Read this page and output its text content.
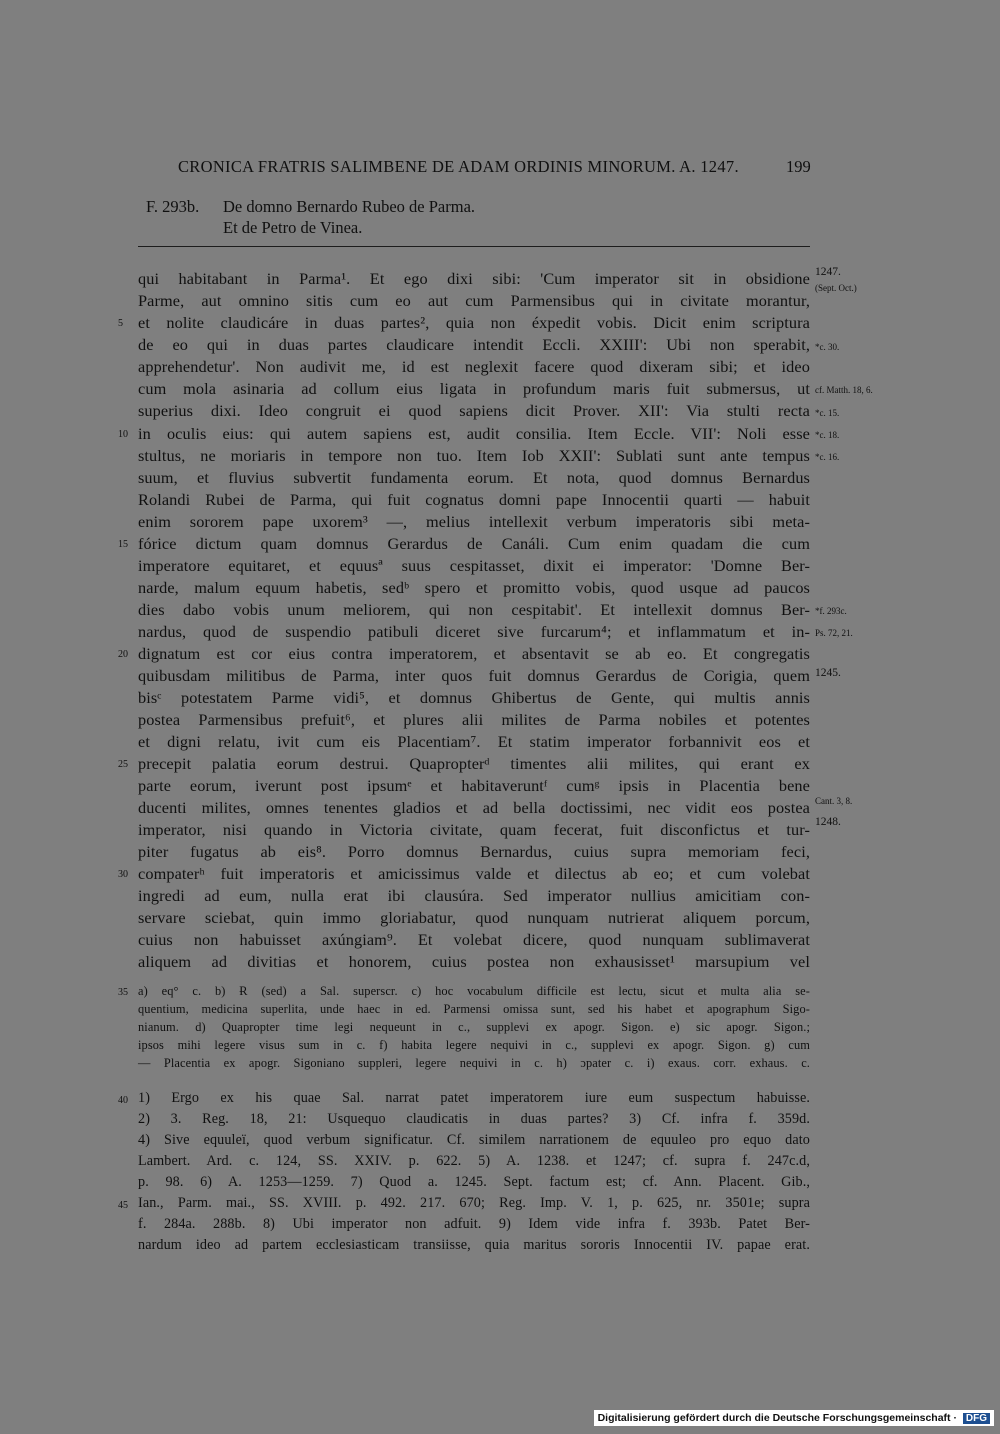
CRONICA FRATRIS SALIMBENE DE ADAM ORDINIS MINORUM. A. 1247.	199
F. 293b. De domno Bernardo Rubeo de Parma.
Et de Petro de Vinea.
qui habitabant in Parma¹. Et ego dixi sibi: 'Cum imperator sit in obsidione
Parme, aut omnino sitis cum eo aut cum Parmensibus qui in civitate morantur,
et nolite claudicáre in duas partes², quia non éxpedit vobis. Dicit enim scriptura
de eo qui in duas partes claudicare intendit Eccli. XXIII': Ubi non sperabit,
apprehendetur'. Non audivit me, id est neglexit facere quod dixeram sibi; et ideo
cum mola asinaria ad collum eius ligata in profundum maris fuit submersus, ut
superius dixi. Ideo congruit ei quod sapiens dicit Prover. XII': Via stulti recta
in oculis eius: qui autem sapiens est, audit consilia. Item Eccle. VII': Noli esse
stultus, ne moriaris in tempore non tuo. Item Iob XXII': Sublati sunt ante tempus
suum, et fluvius subvertit fundamenta eorum. Et nota, quod domnus Bernardus
Rolandi Rubei de Parma, qui fuit cognatus domni pape Innocentii quarti — habuit
enim sororem pape uxorem³ —, melius intellexit verbum imperatoris sibi meta-
fórice dictum quam domnus Gerardus de Canáli. Cum enim quadam die cum
imperatore equitaret, et equusª suus cespitasset, dixit ei imperator: 'Domne Ber-
narde, malum equum habetis, sedᵇ spero et promitto vobis, quod usque ad paucos
dies dabo vobis unum meliorem, qui non cespitabit'. Et intellexit domnus Ber-
nardus, quod de suspendio patibuli diceret sive furcarum⁴; et inflammatum et in-
dignatum est cor eius contra imperatorem, et absentavit se ab eo. Et congregatis
quibusdam militibus de Parma, inter quos fuit domnus Gerardus de Corigia, quem
bisᶜ potestatem Parme vidi⁵, et domnus Ghibertus de Gente, qui multis annis
postea Parmensibus prefuit⁶, et plures alii milites de Parma nobiles et potentes
et digni relatu, ivit cum eis Placentiam⁷. Et statim imperator forbannivit eos et
precepit palatia eorum destrui. Quapropterᵈ timentes alii milites, qui erant ex
parte eorum, iverunt post ipsumᵉ et habitaveruntᶠ cumᵍ ipsis in Placentia bene
ducenti milites, omnes tenentes gladios et ad bella doctissimi, nec vidit eos postea
imperator, nisi quando in Victoria civitate, quam fecerat, fuit disconfictus et tur-
piter fugatus ab eis⁸. Porro domnus Bernardus, cuius supra memoriam feci,
compaterʰ fuit imperatoris et amicissimus valde et dilectus ab eo; et cum volebat
ingredi ad eum, nulla erat ibi clausúra. Sed imperator nullius amicitiam con-
servare sciebat, quin immo gloriabatur, quod nunquam nutrierat aliquem porcum,
cuius non habuisset axúngiam⁹. Et volebat dicere, quod nunquam sublimaverat
aliquem ad divitias et honorem, cuius postea non exhausisset¹ marsupium vel
5
10
15
20
25
30
1247.
(Sept. Oct.)
*c. 30.
cf. Matth. 18, 6.
*c. 15.
*c. 18.
*c. 16.
*f. 293c.
Ps. 72, 21.
1245.
Cant. 3, 8.
1248.
35 a) eq° c. b) Ɍ (sed) a Sal. superscr. c) hoc vocabulum difficile est lectu, sicut et multa alia se-
quentium, medicina superlita, unde haec in ed. Parmensi omissa sunt, sed his habet et apographum Sigo-
nianum. d) Quapropter time legi nequeunt in c., supplevi ex apogr. Sigon. e) sic apogr. Sigon.;
ipsos mihi legere visus sum in c. f) habita legere nequivi in c., supplevi ex apogr. Sigon. g) cum
— Placentia ex apogr. Sigoniano suppleri, legere nequivi in c. h) ɔpater c. i) exaus. corr. exhaus. c.
40
45
1) Ergo ex his quae Sal. narrat patet imperatorem iure eum suspectum habuisse.
2) 3. Reg. 18, 21: Usquequo claudicatis in duas partes? 3) Cf. infra f. 359d.
4) Sive equuleï, quod verbum significatur. Cf. similem narrationem de equuleo pro equo dato
Lambert. Ard. c. 124, SS. XXIV. p. 622. 5) A. 1238. et 1247; cf. supra f. 247c.d,
p. 98. 6) A. 1253—1259. 7) Quod a. 1245. Sept. factum est; cf. Ann. Placent. Gib.,
Ian., Parm. mai., SS. XVIII. p. 492. 217. 670; Reg. Imp. V. 1, p. 625, nr. 3501e; supra
f. 284a. 288b. 8) Ubi imperator non adfuit. 9) Idem vide infra f. 393b. Patet Ber-
nardum ideo ad partem ecclesiasticam transiisse, quia maritus sororis Innocentii IV. papae erat.
Digitalisierung gefördert durch die Deutsche Forschungsgemeinschaft · DFG
